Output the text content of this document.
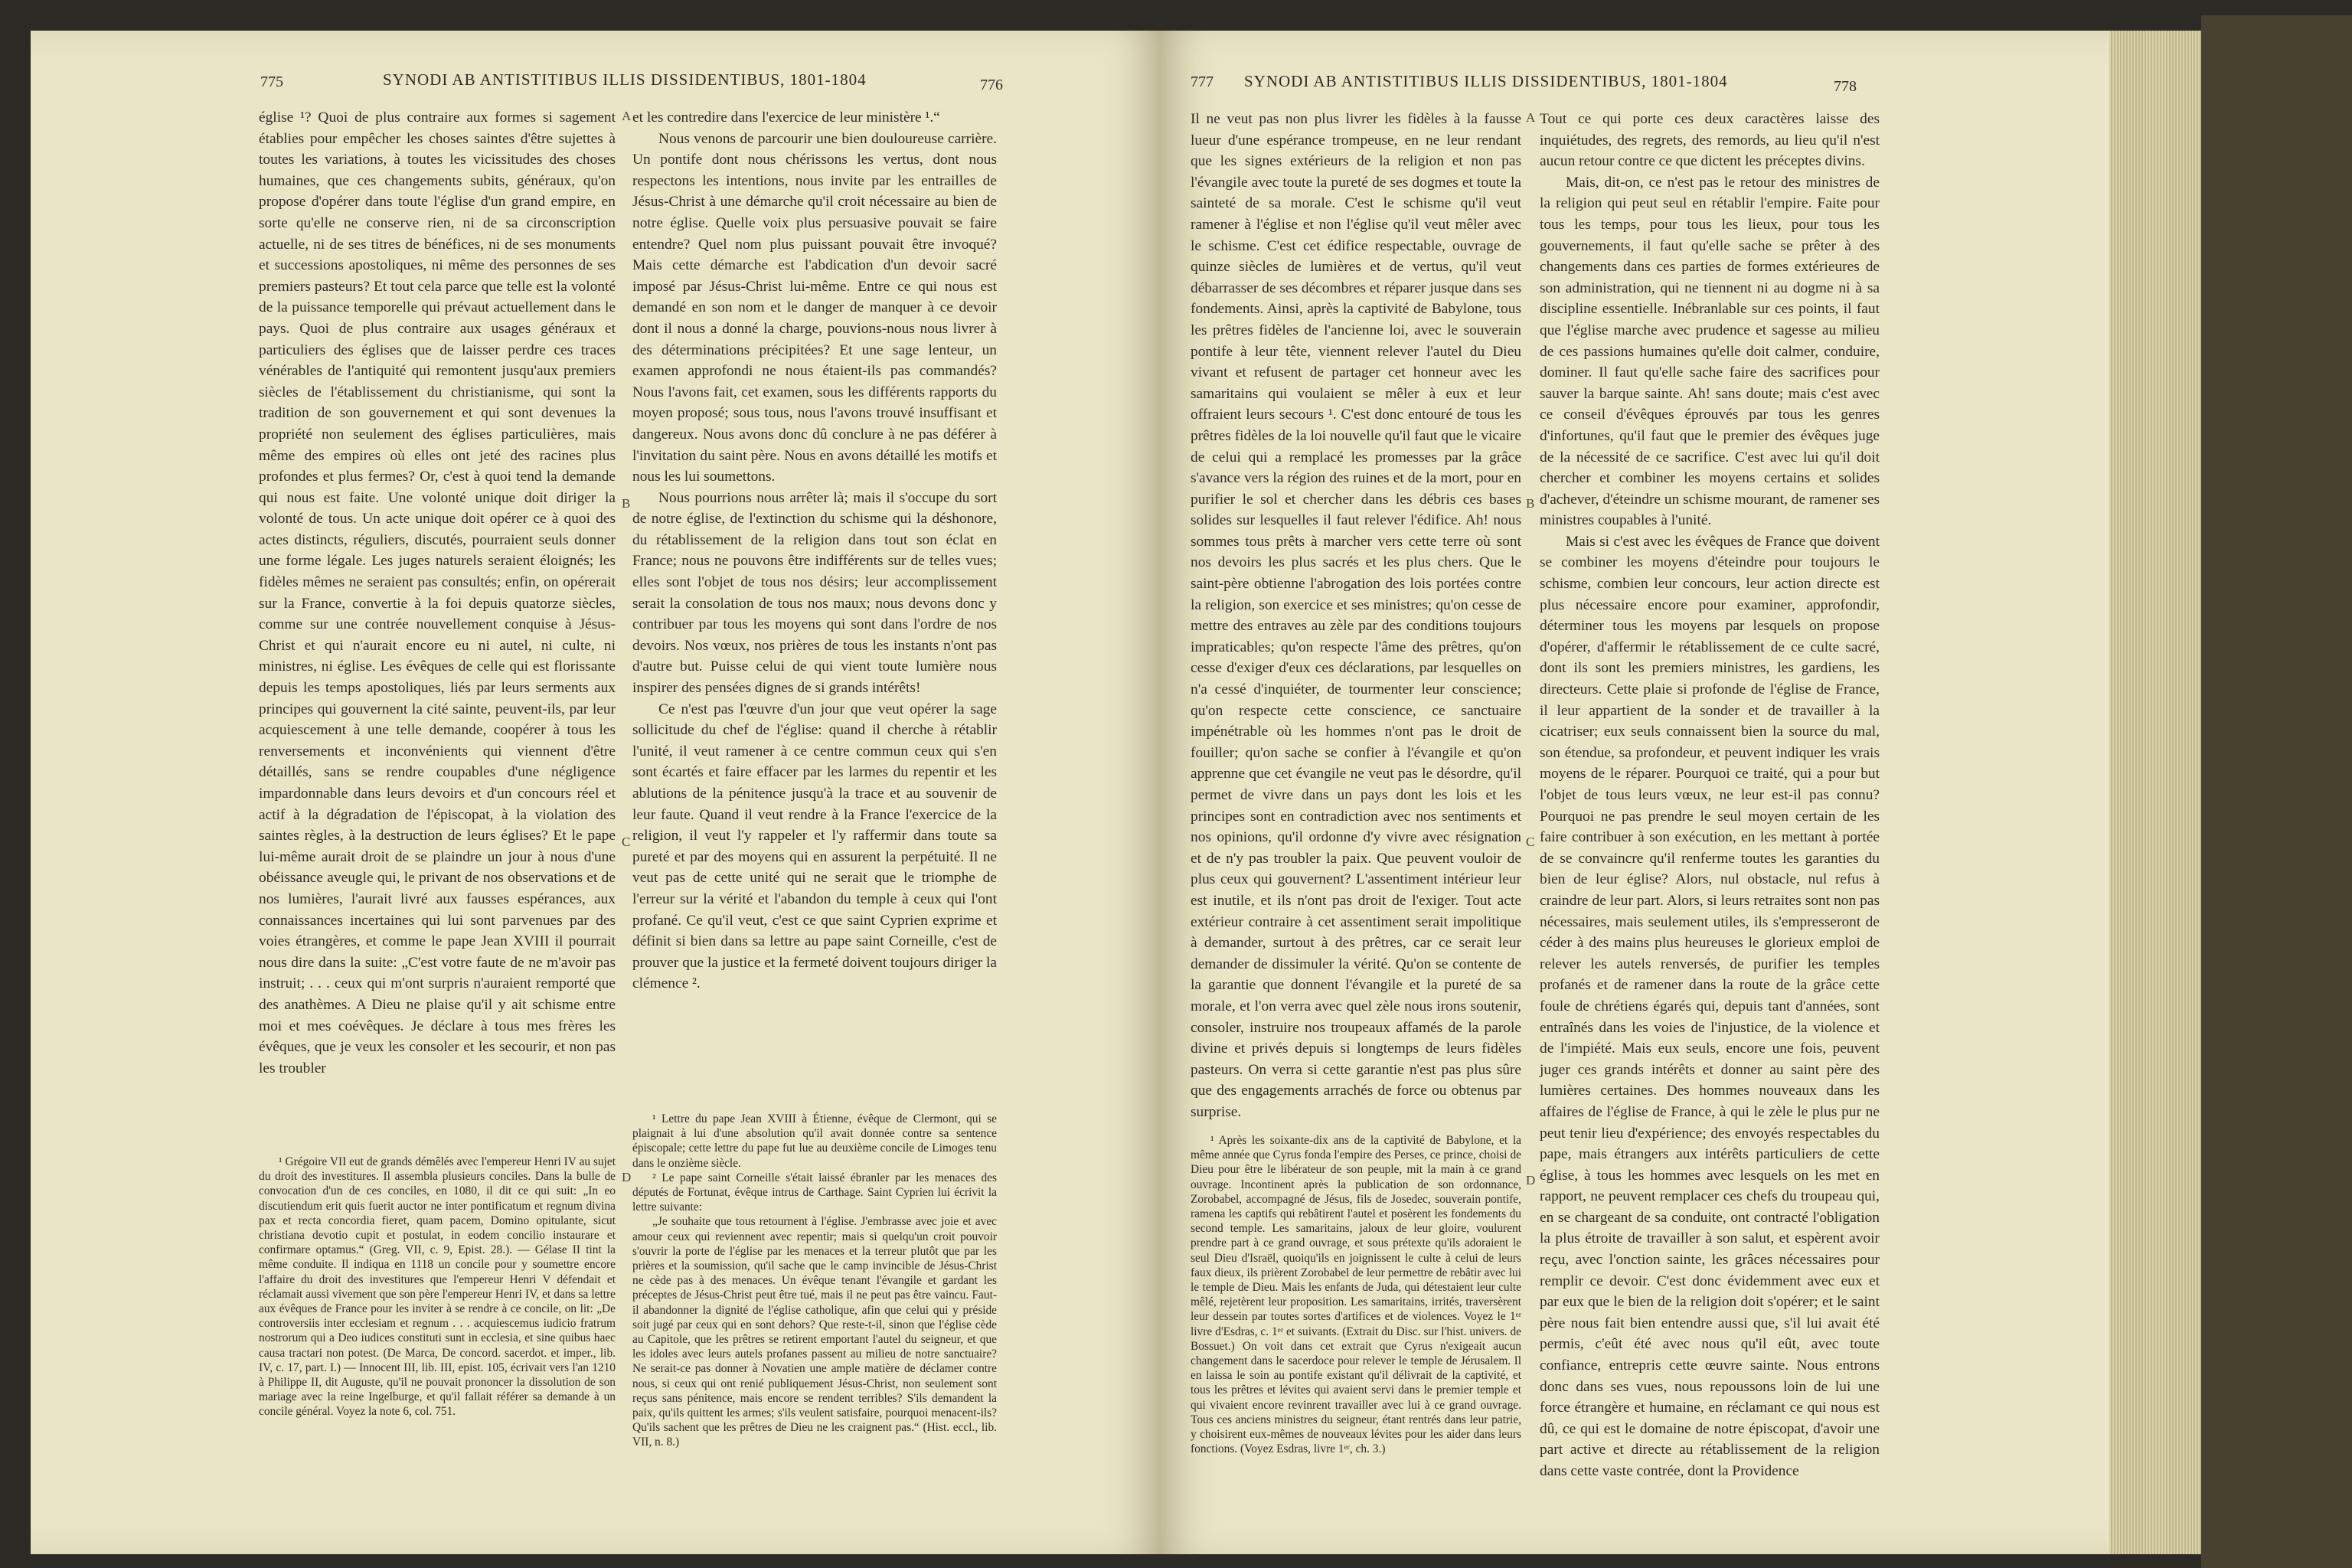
775	SYNODI AB ANTISTITIBUS ILLIS DISSIDENTIBUS, 1801-1804	776

église ¹? Quoi de plus contraire aux formes si sagement établies pour empêcher les choses saintes d'être sujettes à toutes les variations, à toutes les vicissitudes des choses humaines, que ces changements subits, généraux, qu'on propose d'opérer dans toute l'église d'un grand empire, en sorte qu'elle ne conserve rien, ni de sa circonscription actuelle, ni de ses titres de bénéfices, ni de ses monuments et successions apostoliques, ni même des personnes de ses premiers pasteurs? Et tout cela parce que telle est la volonté de la puissance temporelle qui prévaut actuellement dans le pays. Quoi de plus contraire aux usages généraux et particuliers des églises que de laisser perdre ces traces vénérables de l'antiquité qui remontent jusqu'aux premiers siècles de l'établissement du christianisme, qui sont la tradition de son gouvernement et qui sont devenues la propriété non seulement des églises particulières, mais même des empires où elles ont jeté des racines plus profondes et plus fermes? Or, c'est à quoi tend la demande qui nous est faite. Une volonté unique doit diriger la volonté de tous. Un acte unique doit opérer ce à quoi des actes distincts, réguliers, discutés, pourraient seuls donner une forme légale. Les juges naturels seraient éloignés; les fidèles mêmes ne seraient pas consultés; enfin, on opérerait sur la France, convertie à la foi depuis quatorze siècles, comme sur une contrée nouvellement conquise à Jésus-Christ et qui n'aurait encore eu ni autel, ni culte, ni ministres, ni église. Les évêques de celle qui est florissante depuis les temps apostoliques, liés par leurs serments aux principes qui gouvernent la cité sainte, peuvent-ils, par leur acquiescement à une telle demande, coopérer à tous les renversements et inconvénients qui viennent d'être détaillés, sans se rendre coupables d'une négligence impardonnable dans leurs devoirs et d'un concours réel et actif à la dégradation de l'épiscopat, à la violation des saintes règles, à la destruction de leurs églises? Et le pape lui-même aurait droit de se plaindre un jour à nous d'une obéissance aveugle qui, le privant de nos observations et de nos lumières, l'aurait livré aux fausses espérances, aux connaissances incertaines qui lui sont parvenues par des voies étrangères, et comme le pape Jean XVIII il pourrait nous dire dans la suite: „C'est votre faute de ne m'avoir pas instruit; . . . ceux qui m'ont surpris n'auraient remporté que des anathèmes. A Dieu ne plaise qu'il y ait schisme entre moi et mes coévêques. Je déclare à tous mes frères les évêques, que je veux les consoler et les secourir, et non pas les troubler

¹ Grégoire VII eut de grands démêlés avec l'empereur Henri IV au sujet du droit des investitures. Il assembla plusieurs conciles. Dans la bulle de convocation d'un de ces conciles, en 1080, il dit ce qui suit: „In eo discutiendum erit quis fuerit auctor ne inter pontificatum et regnum divina pax et recta concordia fieret, quam pacem, Domino opitulante, sicut christiana devotio cupit et postulat, in eodem concilio instaurare et confirmare optamus.“ (Greg. VII, c. 9, Epist. 28.). — Gélase II tint la même conduite. Il indiqua en 1118 un concile pour y soumettre encore l'affaire du droit des investitures que l'empereur Henri V défendait et réclamait aussi vivement que son père l'empereur Henri IV, et dans sa lettre aux évêques de France pour les inviter à se rendre à ce concile, on lit: „De controversiis inter ecclesiam et regnum . . . acquiescemus iudicio fratrum nostrorum qui a Deo iudices constituti sunt in ecclesia, et sine quibus haec causa tractari non potest. (De Marca, De concord. sacerdot. et imper., lib. IV, c. 17, part. I.) — Innocent III, lib. III, epist. 105, écrivait vers l'an 1210 à Philippe II, dit Auguste, qu'il ne pouvait prononcer la dissolution de son mariage avec la reine Ingelburge, et qu'il fallait référer sa demande à un concile général. Voyez la note 6, col. 751.

A
B
C
D

et les contredire dans l'exercice de leur ministère ¹.“

Nous venons de parcourir une bien douloureuse carrière. Un pontife dont nous chérissons les vertus, dont nous respectons les intentions, nous invite par les entrailles de Jésus-Christ à une démarche qu'il croit nécessaire au bien de notre église. Quelle voix plus persuasive pouvait se faire entendre? Quel nom plus puissant pouvait être invoqué? Mais cette démarche est l'abdication d'un devoir sacré imposé par Jésus-Christ lui-même. Entre ce qui nous est demandé en son nom et le danger de manquer à ce devoir dont il nous a donné la charge, pouvions-nous nous livrer à des déterminations précipitées? Et une sage lenteur, un examen approfondi ne nous étaient-ils pas commandés? Nous l'avons fait, cet examen, sous les différents rapports du moyen proposé; sous tous, nous l'avons trouvé insuffisant et dangereux. Nous avons donc dû conclure à ne pas déférer à l'invitation du saint père. Nous en avons détaillé les motifs et nous les lui soumettons.

Nous pourrions nous arrêter là; mais il s'occupe du sort de notre église, de l'extinction du schisme qui la déshonore, du rétablissement de la religion dans tout son éclat en France; nous ne pouvons être indifférents sur de telles vues; elles sont l'objet de tous nos désirs; leur accomplissement serait la consolation de tous nos maux; nous devons donc y contribuer par tous les moyens qui sont dans l'ordre de nos devoirs. Nos vœux, nos prières de tous les instants n'ont pas d'autre but. Puisse celui de qui vient toute lumière nous inspirer des pensées dignes de si grands intérêts!

Ce n'est pas l'œuvre d'un jour que veut opérer la sage sollicitude du chef de l'église: quand il cherche à rétablir l'unité, il veut ramener à ce centre commun ceux qui s'en sont écartés et faire effacer par les larmes du repentir et les ablutions de la pénitence jusqu'à la trace et au souvenir de leur faute. Quand il veut rendre à la France l'exercice de la religion, il veut l'y rappeler et l'y raffermir dans toute sa pureté et par des moyens qui en assurent la perpétuité. Il ne veut pas de cette unité qui ne serait que le triomphe de l'erreur sur la vérité et l'abandon du temple à ceux qui l'ont profané. Ce qu'il veut, c'est ce que saint Cyprien exprime et définit si bien dans sa lettre au pape saint Corneille, c'est de prouver que la justice et la fermeté doivent toujours diriger la clémence ².

¹ Lettre du pape Jean XVIII à Étienne, évêque de Clermont, qui se plaignait à lui d'une absolution qu'il avait donnée contre sa sentence épiscopale; cette lettre du pape fut lue au deuxième concile de Limoges tenu dans le onzième siècle.

² Le pape saint Corneille s'était laissé ébranler par les menaces des députés de Fortunat, évêque intrus de Carthage. Saint Cyprien lui écrivit la lettre suivante:

„Je souhaite que tous retournent à l'église. J'embrasse avec joie et avec amour ceux qui reviennent avec repentir; mais si quelqu'un croit pouvoir s'ouvrir la porte de l'église par les menaces et la terreur plutôt que par les prières et la soumission, qu'il sache que le camp invincible de Jésus-Christ ne cède pas à des menaces. Un évêque tenant l'évangile et gardant les préceptes de Jésus-Christ peut être tué, mais il ne peut pas être vaincu. Faut-il abandonner la dignité de l'église catholique, afin que celui qui y préside soit jugé par ceux qui en sont dehors? Que reste-t-il, sinon que l'église cède au Capitole, que les prêtres se retirent emportant l'autel du seigneur, et que les idoles avec leurs autels profanes passent au milieu de notre sanctuaire? Ne serait-ce pas donner à Novatien une ample matière de déclamer contre nous, si ceux qui ont renié publiquement Jésus-Christ, non seulement sont reçus sans pénitence, mais encore se rendent terribles? S'ils demandent la paix, qu'ils quittent les armes; s'ils veulent satisfaire, pourquoi menacent-ils? Qu'ils sachent que les prêtres de Dieu ne les craignent pas.“ (Hist. eccl., lib. VII, n. 8.)

777 SYNODI AB ANTISTITIBUS ILLIS DISSIDENTIBUS, 1801-1804	778

Il ne veut pas non plus livrer les fidèles à la fausse lueur d'une espérance trompeuse, en ne leur rendant que les signes extérieurs de la religion et non pas l'évangile avec toute la pureté de ses dogmes et toute la sainteté de sa morale. C'est le schisme qu'il veut ramener à l'église et non l'église qu'il veut mêler avec le schisme. C'est cet édifice respectable, ouvrage de quinze siècles de lumières et de vertus, qu'il veut débarrasser de ses décombres et réparer jusque dans ses fondements. Ainsi, après la captivité de Babylone, tous les prêtres fidèles de l'ancienne loi, avec le souverain pontife à leur tête, viennent relever l'autel du Dieu vivant et refusent de partager cet honneur avec les samaritains qui voulaient se mêler à eux et leur offraient leurs secours ¹. C'est donc entouré de tous les prêtres fidèles de la loi nouvelle qu'il faut que le vicaire de celui qui a remplacé les promesses par la grâce s'avance vers la région des ruines et de la mort, pour en purifier le sol et chercher dans les débris ces bases solides sur lesquelles il faut relever l'édifice. Ah! nous sommes tous prêts à marcher vers cette terre où sont nos devoirs les plus sacrés et les plus chers. Que le saint-père obtienne l'abrogation des lois portées contre la religion, son exercice et ses ministres; qu'on cesse de mettre des entraves au zèle par des conditions toujours impraticables; qu'on respecte l'âme des prêtres, qu'on cesse d'exiger d'eux ces déclarations, par lesquelles on n'a cessé d'inquiéter, de tourmenter leur conscience; qu'on respecte cette conscience, ce sanctuaire impénétrable où les hommes n'ont pas le droit de fouiller; qu'on sache se confier à l'évangile et qu'on apprenne que cet évangile ne veut pas le désordre, qu'il permet de vivre dans un pays dont les lois et les principes sont en contradiction avec nos sentiments et nos opinions, qu'il ordonne d'y vivre avec résignation et de n'y pas troubler la paix. Que peuvent vouloir de plus ceux qui gouvernent? L'assentiment intérieur leur est inutile, et ils n'ont pas droit de l'exiger. Tout acte extérieur contraire à cet assentiment serait impolitique à demander, surtout à des prêtres, car ce serait leur demander de dissimuler la vérité. Qu'on se contente de la garantie que donnent l'évangile et la pureté de sa morale, et l'on verra avec quel zèle nous irons soutenir, consoler, instruire nos troupeaux affamés de la parole divine et privés depuis si longtemps de leurs fidèles pasteurs. On verra si cette garantie n'est pas plus sûre que des engagements arrachés de force ou obtenus par surprise.

¹ Après les soixante-dix ans de la captivité de Babylone, et la même année que Cyrus fonda l'empire des Perses, ce prince, choisi de Dieu pour être le libérateur de son peuple, mit la main à ce grand ouvrage. Incontinent après la publication de son ordonnance, Zorobabel, accompagné de Jésus, fils de Josedec, souverain pontife, ramena les captifs qui rebâtirent l'autel et posèrent les fondements du second temple. Les samaritains, jaloux de leur gloire, voulurent prendre part à ce grand ouvrage, et sous prétexte qu'ils adoraient le seul Dieu d'Israël, quoiqu'ils en joignissent le culte à celui de leurs faux dieux, ils prièrent Zorobabel de leur permettre de rebâtir avec lui le temple de Dieu. Mais les enfants de Juda, qui détestaient leur culte mêlé, rejetèrent leur proposition. Les samaritains, irrités, traversèrent leur dessein par toutes sortes d'artifices et de violences. Voyez le 1ᵉʳ livre d'Esdras, c. 1ᵉʳ et suivants. (Extrait du Disc. sur l'hist. univers. de Bossuet.) On voit dans cet extrait que Cyrus n'exigeait aucun changement dans le sacerdoce pour relever le temple de Jérusalem. Il en laissa le soin au pontife existant qu'il délivrait de la captivité, et tous les prêtres et lévites qui avaient servi dans le premier temple et qui vivaient encore revinrent travailler avec lui à ce grand ouvrage. Tous ces anciens ministres du seigneur, étant rentrés dans leur patrie, y choisirent eux-mêmes de nouveaux lévites pour les aider dans leurs fonctions. (Voyez Esdras, livre 1ᵉʳ, ch. 3.)

A
B
C
D

Tout ce qui porte ces deux caractères laisse des inquiétudes, des regrets, des remords, au lieu qu'il n'est aucun retour contre ce que dictent les préceptes divins.

Mais, dit-on, ce n'est pas le retour des ministres de la religion qui peut seul en rétablir l'empire. Faite pour tous les temps, pour tous les lieux, pour tous les gouvernements, il faut qu'elle sache se prêter à des changements dans ces parties de formes extérieures de son administration, qui ne tiennent ni au dogme ni à sa discipline essentielle. Inébranlable sur ces points, il faut que l'église marche avec prudence et sagesse au milieu de ces passions humaines qu'elle doit calmer, conduire, dominer. Il faut qu'elle sache faire des sacrifices pour sauver la barque sainte. Ah! sans doute; mais c'est avec ce conseil d'évêques éprouvés par tous les genres d'infortunes, qu'il faut que le premier des évêques juge de la nécessité de ce sacrifice. C'est avec lui qu'il doit chercher et combiner les moyens certains et solides d'achever, d'éteindre un schisme mourant, de ramener ses ministres coupables à l'unité.

Mais si c'est avec les évêques de France que doivent se combiner les moyens d'éteindre pour toujours le schisme, combien leur concours, leur action directe est plus nécessaire encore pour examiner, approfondir, déterminer tous les moyens par lesquels on propose d'opérer, d'affermir le rétablissement de ce culte sacré, dont ils sont les premiers ministres, les gardiens, les directeurs. Cette plaie si profonde de l'église de France, il leur appartient de la sonder et de travailler à la cicatriser; eux seuls connaissent bien la source du mal, son étendue, sa profondeur, et peuvent indiquer les vrais moyens de le réparer. Pourquoi ce traité, qui a pour but l'objet de tous leurs vœux, ne leur est-il pas connu? Pourquoi ne pas prendre le seul moyen certain de les faire contribuer à son exécution, en les mettant à portée de se convaincre qu'il renferme toutes les garanties du bien de leur église? Alors, nul obstacle, nul refus à craindre de leur part. Alors, si leurs retraites sont non pas nécessaires, mais seulement utiles, ils s'empresseront de céder à des mains plus heureuses le glorieux emploi de relever les autels renversés, de purifier les temples profanés et de ramener dans la route de la grâce cette foule de chrétiens égarés qui, depuis tant d'années, sont entraînés dans les voies de l'injustice, de la violence et de l'impiété. Mais eux seuls, encore une fois, peuvent juger ces grands intérêts et donner au saint père des lumières certaines. Des hommes nouveaux dans les affaires de l'église de France, à qui le zèle le plus pur ne peut tenir lieu d'expérience; des envoyés respectables du pape, mais étrangers aux intérêts particuliers de cette église, à tous les hommes avec lesquels on les met en rapport, ne peuvent remplacer ces chefs du troupeau qui, en se chargeant de sa conduite, ont contracté l'obligation la plus étroite de travailler à son salut, et espèrent avoir reçu, avec l'onction sainte, les grâces nécessaires pour remplir ce devoir. C'est donc évidemment avec eux et par eux que le bien de la religion doit s'opérer; et le saint père nous fait bien entendre aussi que, s'il lui avait été permis, c'eût été avec nous qu'il eût, avec toute confiance, entrepris cette œuvre sainte. Nous entrons donc dans ses vues, nous repoussons loin de lui une force étrangère et humaine, en réclamant ce qui nous est dû, ce qui est le domaine de notre épiscopat, d'avoir une part active et directe au rétablissement de la religion dans cette vaste contrée, dont la Providence
